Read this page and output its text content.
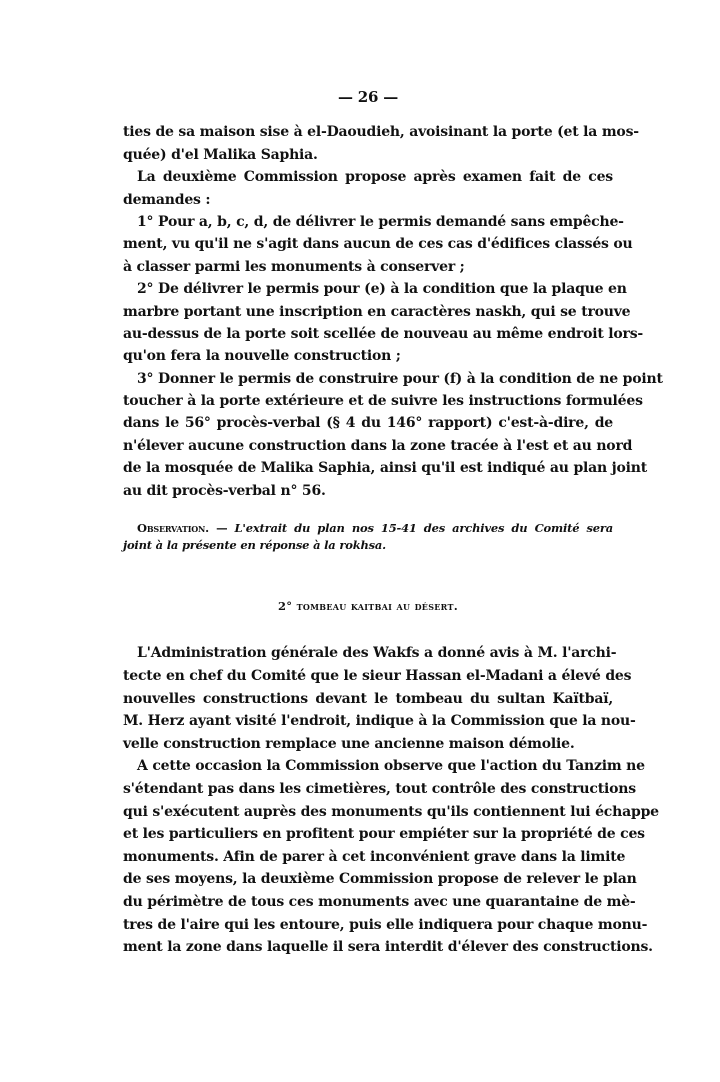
— 26 —
ties de sa maison sise à el-Daoudieh, avoisinant la porte (et la mos-
quée) d'el Malika Saphia.
La deuxième Commission propose après examen fait de ces
demandes :
1° Pour a, b, c, d, de délivrer le permis demandé sans empêche-
ment, vu qu'il ne s'agit dans aucun de ces cas d'édifices classés ou
à classer parmi les monuments à conserver ;
2° De délivrer le permis pour (e) à la condition que la plaque en
marbre portant une inscription en caractères naskh, qui se trouve
au-dessus de la porte soit scellée de nouveau au même endroit lors-
qu'on fera la nouvelle construction ;
3° Donner le permis de construire pour (f) à la condition de ne point
toucher à la porte extérieure et de suivre les instructions formulées
dans le 56° procès-verbal (§ 4 du 146° rapport) c'est-à-dire, de
n'élever aucune construction dans la zone tracée à l'est et au nord
de la mosquée de Malika Saphia, ainsi qu'il est indiqué au plan joint
au dit procès-verbal n° 56.
Observation. — L'extrait du plan nos 15-41 des archives du Comité sera
joint à la présente en réponse à la rokhsa.
2° tombeau kaitbai au désert.
L'Administration générale des Wakfs a donné avis à M. l'archi-
tecte en chef du Comité que le sieur Hassan el-Madani a élevé des
nouvelles constructions devant le tombeau du sultan Kaïtbaï,
M. Herz ayant visité l'endroit, indique à la Commission que la nou-
velle construction remplace une ancienne maison démolie.
A cette occasion la Commission observe que l'action du Tanzim ne
s'étendant pas dans les cimetières, tout contrôle des constructions
qui s'exécutent auprès des monuments qu'ils contiennent lui échappe
et les particuliers en profitent pour empiéter sur la propriété de ces
monuments. Afin de parer à cet inconvénient grave dans la limite
de ses moyens, la deuxième Commission propose de relever le plan
du périmètre de tous ces monuments avec une quarantaine de mè-
tres de l'aire qui les entoure, puis elle indiquera pour chaque monu-
ment la zone dans laquelle il sera interdit d'élever des constructions.
